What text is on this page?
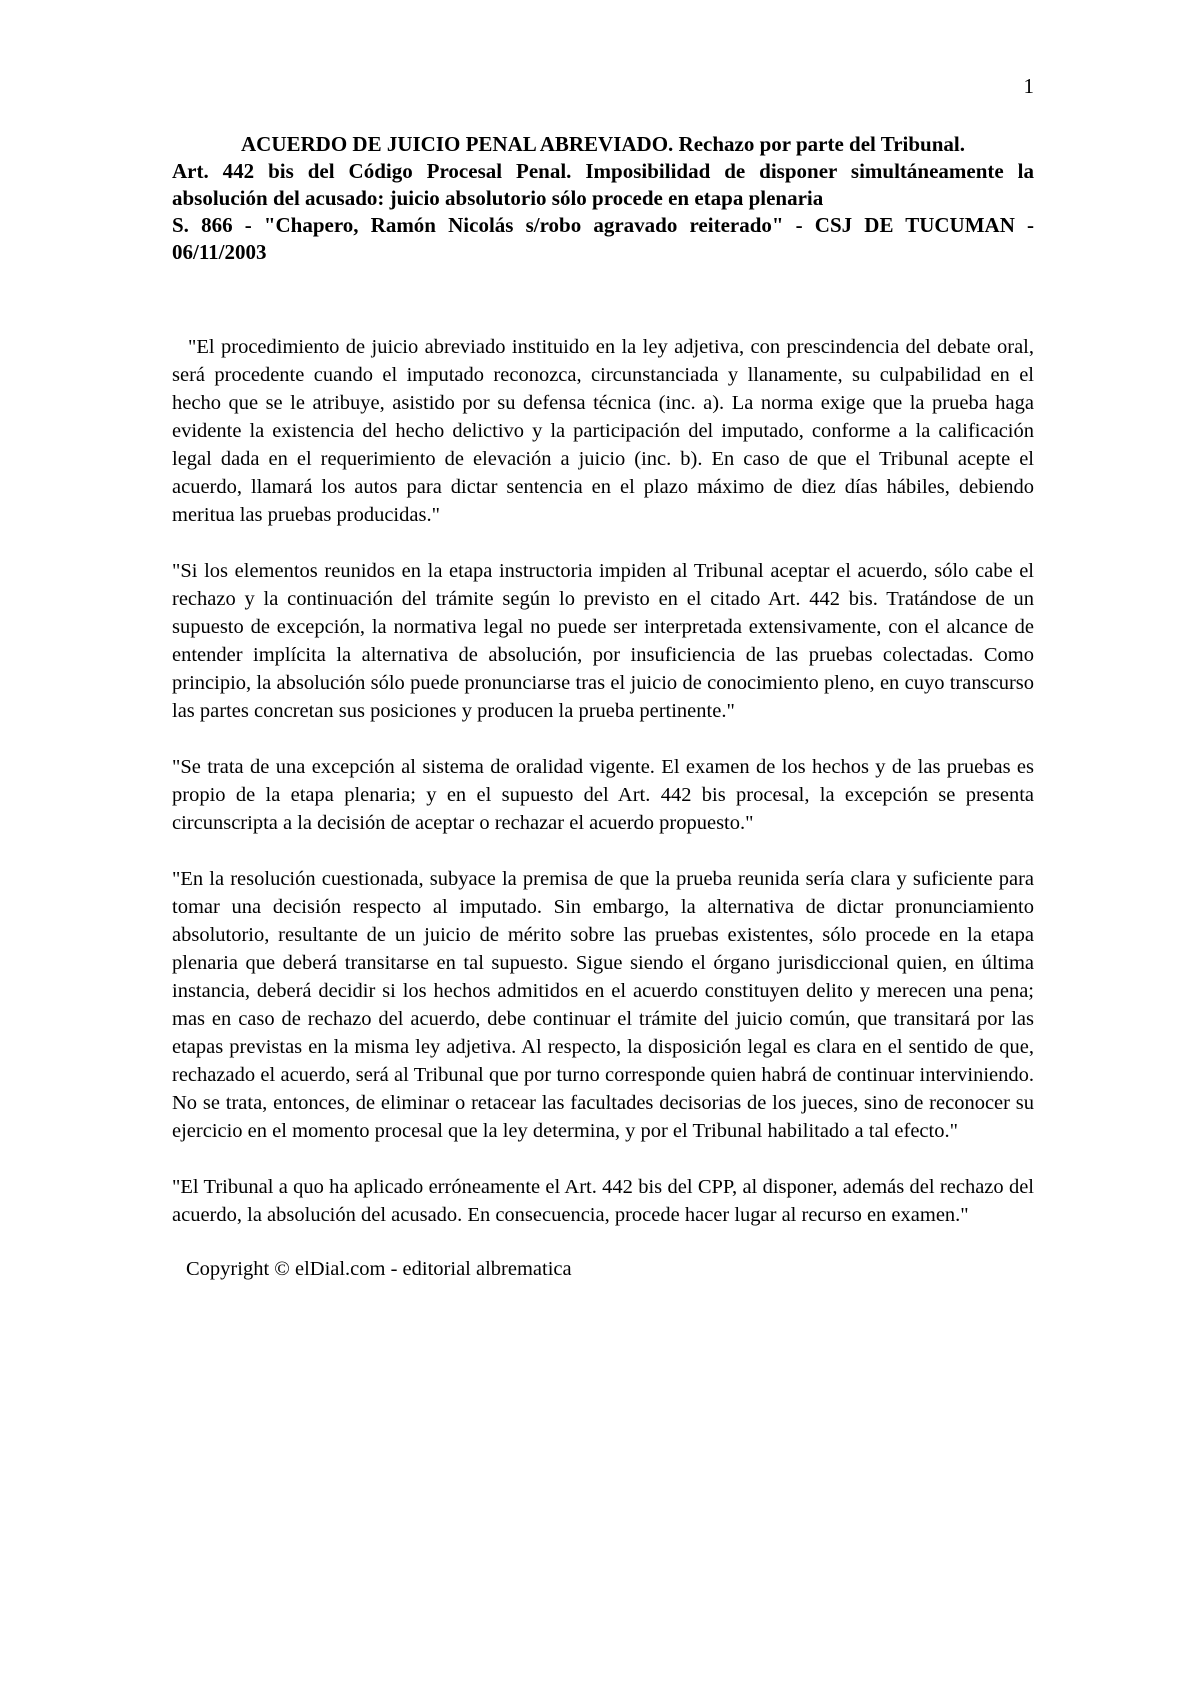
1

ACUERDO DE JUICIO PENAL ABREVIADO. Rechazo por parte del Tribunal.
Art. 442 bis del Código Procesal Penal. Imposibilidad de disponer simultáneamente la absolución del acusado: juicio absolutorio sólo procede en etapa plenaria

S. 866 - "Chapero, Ramón Nicolás s/robo agravado reiterado" - CSJ DE TUCUMAN - 06/11/2003

"El procedimiento de juicio abreviado instituido en la ley adjetiva, con prescindencia del debate oral, será procedente cuando el imputado reconozca, circunstanciada y llanamente, su culpabilidad en el hecho que se le atribuye, asistido por su defensa técnica (inc. a). La norma exige que la prueba haga evidente la existencia del hecho delictivo y la participación del imputado, conforme a la calificación legal dada en el requerimiento de elevación a juicio (inc. b). En caso de que el Tribunal acepte el acuerdo, llamará los autos para dictar sentencia en el plazo máximo de diez días hábiles, debiendo meritua las pruebas producidas."

"Si los elementos reunidos en la etapa instructoria impiden al Tribunal aceptar el acuerdo, sólo cabe el rechazo y la continuación del trámite según lo previsto en el citado Art. 442 bis. Tratándose de un supuesto de excepción, la normativa legal no puede ser interpretada extensivamente, con el alcance de entender implícita la alternativa de absolución, por insuficiencia de las pruebas colectadas. Como principio, la absolución sólo puede pronunciarse tras el juicio de conocimiento pleno, en cuyo transcurso las partes concretan sus posiciones y producen la prueba pertinente."

"Se trata de una excepción al sistema de oralidad vigente. El examen de los hechos y de las pruebas es propio de la etapa plenaria; y en el supuesto del Art. 442 bis procesal, la excepción se presenta circunscripta a la decisión de aceptar o rechazar el acuerdo propuesto."

"En la resolución cuestionada, subyace la premisa de que la prueba reunida sería clara y suficiente para tomar una decisión respecto al imputado. Sin embargo, la alternativa de dictar pronunciamiento absolutorio, resultante de un juicio de mérito sobre las pruebas existentes, sólo procede en la etapa plenaria que deberá transitarse en tal supuesto. Sigue siendo el órgano jurisdiccional quien, en última instancia, deberá decidir si los hechos admitidos en el acuerdo constituyen delito y merecen una pena; mas en caso de rechazo del acuerdo, debe continuar el trámite del juicio común, que transitará por las etapas previstas en la misma ley adjetiva. Al respecto, la disposición legal es clara en el sentido de que, rechazado el acuerdo, será al Tribunal que por turno corresponde quien habrá de continuar interviniendo. No se trata, entonces, de eliminar o retacear las facultades decisorias de los jueces, sino de reconocer su ejercicio en el momento procesal que la ley determina, y por el Tribunal habilitado a tal efecto."

"El Tribunal a quo ha aplicado erróneamente el Art. 442 bis del CPP, al disponer, además del rechazo del acuerdo, la absolución del acusado. En consecuencia, procede hacer lugar al recurso en examen."

Copyright © elDial.com - editorial albrematica
